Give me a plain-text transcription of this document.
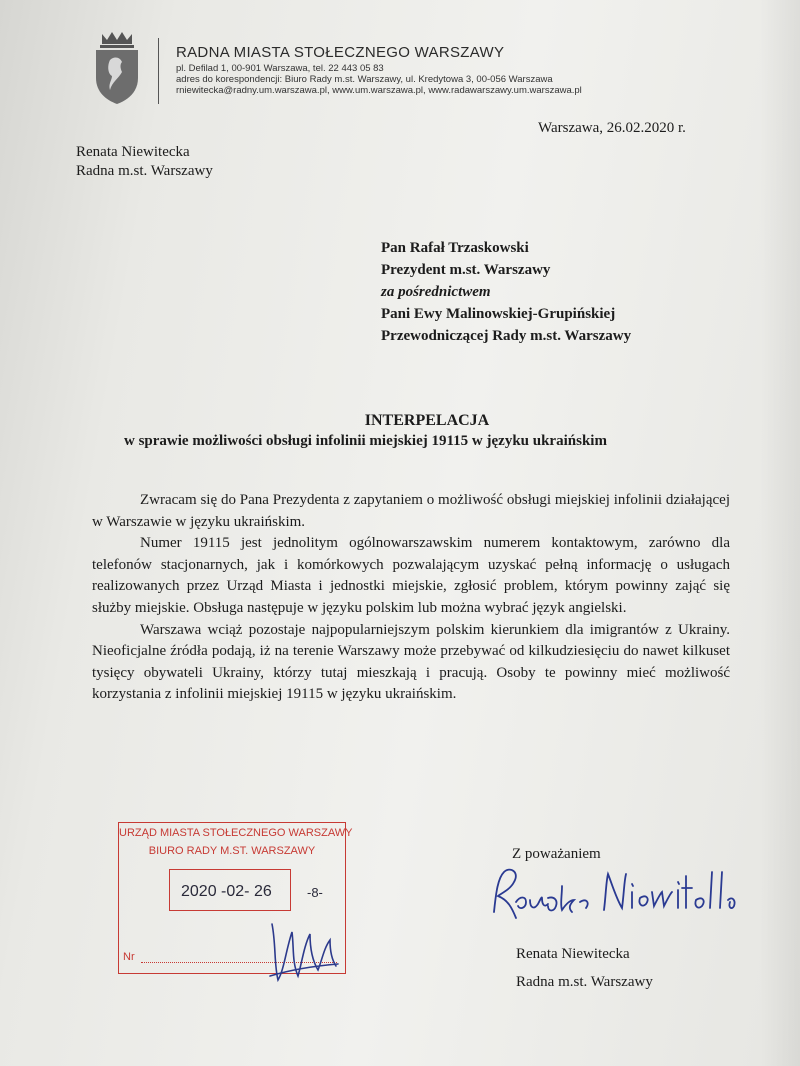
RADNA MIASTA STOŁECZNEGO WARSZAWY
pl. Defilad 1, 00-901 Warszawa, tel. 22 443 05 83
adres do korespondencji: Biuro Rady m.st. Warszawy, ul. Kredytowa 3, 00-056 Warszawa
rniewitecka@radny.um.warszawa.pl, www.um.warszawa.pl, www.radawarszawy.um.warszawa.pl
Warszawa, 26.02.2020 r.
Renata Niewitecka
Radna m.st. Warszawy
Pan Rafał Trzaskowski
Prezydent m.st. Warszawy
za pośrednictwem
Pani Ewy Malinowskiej-Grupińskiej
Przewodniczącej Rady m.st. Warszawy
INTERPELACJA
w sprawie możliwości obsługi infolinii miejskiej 19115 w języku ukraińskim

Zwracam się do Pana Prezydenta z zapytaniem o możliwość obsługi miejskiej infolinii działającej w Warszawie w języku ukraińskim.

Numer 19115 jest jednolitym ogólnowarszawskim numerem kontaktowym, zarówno dla telefonów stacjonarnych, jak i komórkowych pozwalającym uzyskać pełną informację o usługach realizowanych przez Urząd Miasta i jednostki miejskie, zgłosić problem, którym powinny zająć się służby miejskie. Obsługa następuje w języku polskim lub można wybrać język angielski.

Warszawa wciąż pozostaje najpopularniejszym polskim kierunkiem dla imigrantów z Ukrainy. Nieoficjalne źródła podają, iż na terenie Warszawy może przebywać od kilkudziesięciu do nawet kilkuset tysięcy obywateli Ukrainy, którzy tutaj mieszkają i pracują. Osoby te powinny mieć możliwość korzystania z infolinii miejskiej 19115 w języku ukraińskim.

URZĄD MIASTA STOŁECZNEGO WARSZAWY
BIURO RADY M.ST. WARSZAWY
2020 -02- 26	-8-
Nr
Z poważaniem
Renata Niewitecka
Radna m.st. Warszawy
